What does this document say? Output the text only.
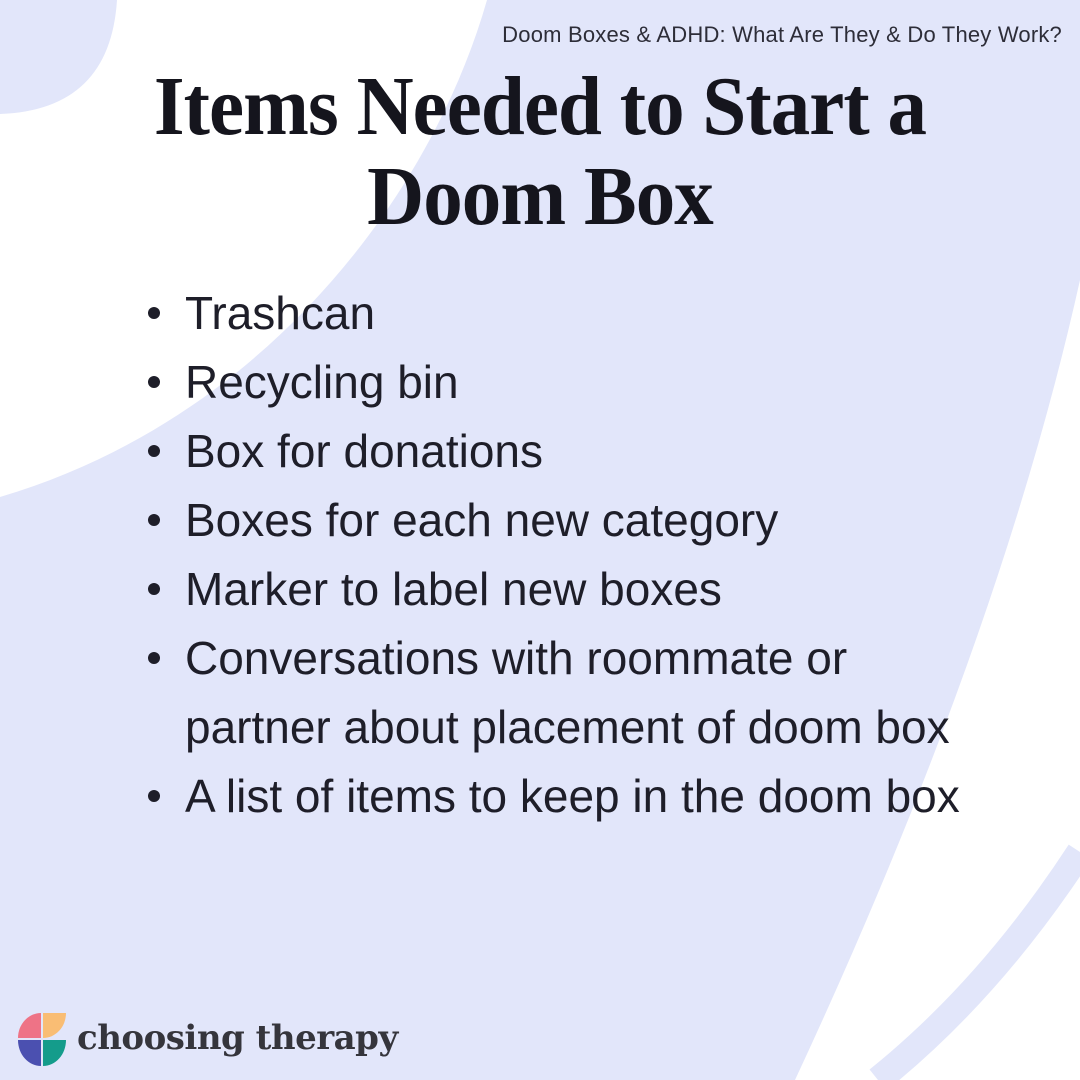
Doom Boxes & ADHD: What Are They & Do They Work?
Items Needed to Start a
Doom Box
Trashcan
Recycling bin
Box for donations
Boxes for each new category
Marker to label new boxes
Conversations with roommate or partner about placement of doom box
A list of items to keep in the doom box
choosing therapy
